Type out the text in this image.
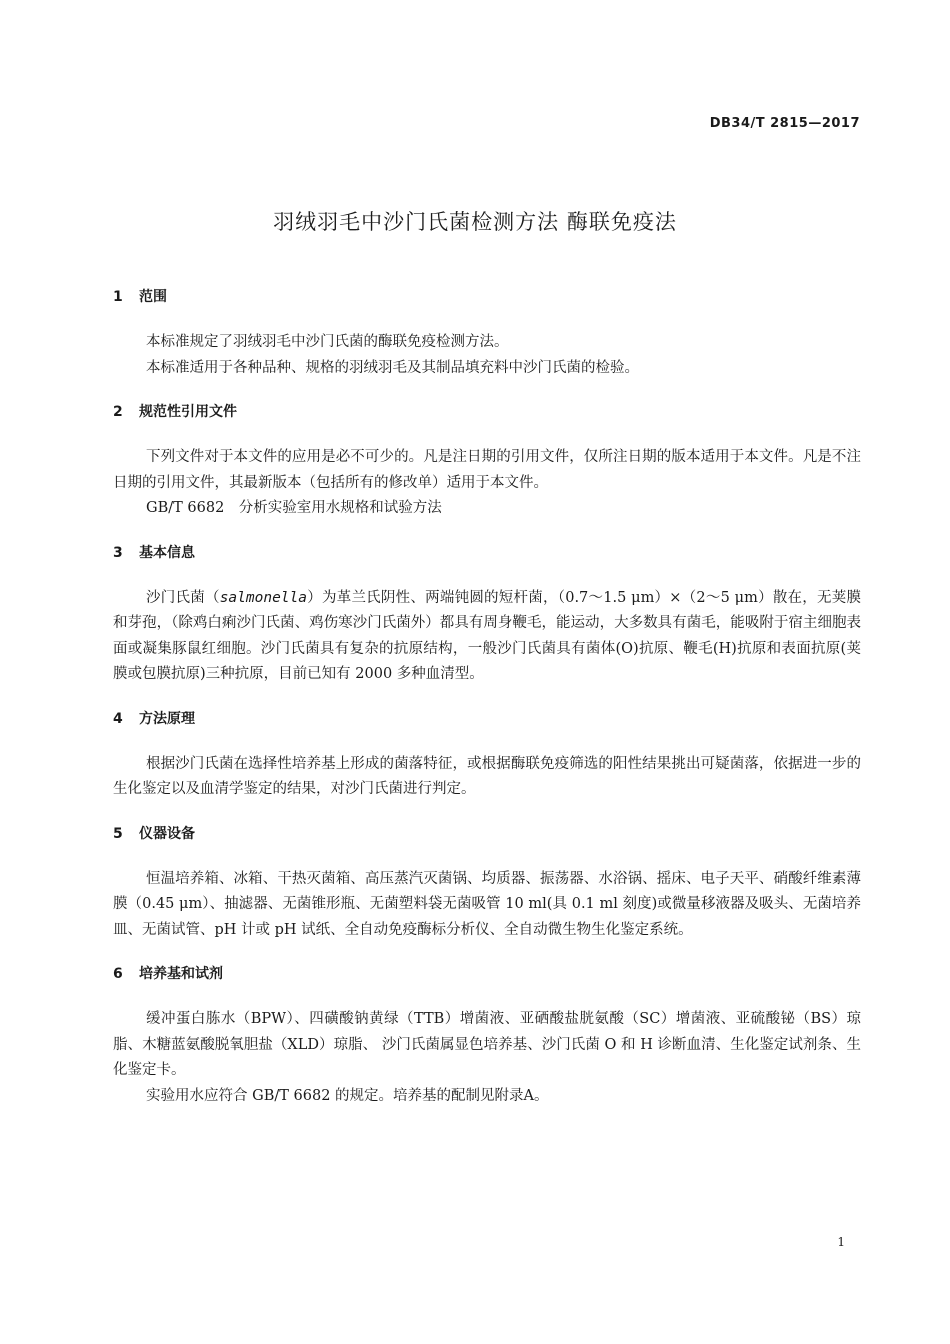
DB34/T 2815—2017
羽绒羽毛中沙门氏菌检测方法 酶联免疫法
1 范围
本标准规定了羽绒羽毛中沙门氏菌的酶联免疫检测方法。
本标准适用于各种品种、规格的羽绒羽毛及其制品填充料中沙门氏菌的检验。
2 规范性引用文件
下列文件对于本文件的应用是必不可少的。凡是注日期的引用文件，仅所注日期的版本适用于本文件。凡是不注日期的引用文件，其最新版本（包括所有的修改单）适用于本文件。
GB/T 6682　分析实验室用水规格和试验方法
3 基本信息
沙门氏菌（salmonella）为革兰氏阴性、两端钝圆的短杆菌，（0.7～1.5 μm）×（2～5 μm）散在，无荚膜和芽孢，（除鸡白痢沙门氏菌、鸡伤寒沙门氏菌外）都具有周身鞭毛，能运动，大多数具有菌毛，能吸附于宿主细胞表面或凝集豚鼠红细胞。沙门氏菌具有复杂的抗原结构，一般沙门氏菌具有菌体(O)抗原、鞭毛(H)抗原和表面抗原(荚膜或包膜抗原)三种抗原，目前已知有 2000 多种血清型。
4 方法原理
根据沙门氏菌在选择性培养基上形成的菌落特征，或根据酶联免疫筛选的阳性结果挑出可疑菌落，依据进一步的生化鉴定以及血清学鉴定的结果，对沙门氏菌进行判定。
5 仪器设备
恒温培养箱、冰箱、干热灭菌箱、高压蒸汽灭菌锅、均质器、振荡器、水浴锅、摇床、电子天平、硝酸纤维素薄膜（0.45 μm）、抽滤器、无菌锥形瓶、无菌塑料袋无菌吸管 10 ml(具 0.1 ml 刻度)或微量移液器及吸头、无菌培养皿、无菌试管、pH 计或 pH 试纸、全自动免疫酶标分析仪、全自动微生物生化鉴定系统。
6 培养基和试剂
缓冲蛋白胨水（BPW）、四磺酸钠黄绿（TTB）增菌液、亚硒酸盐胱氨酸（SC）增菌液、亚硫酸铋（BS）琼脂、木糖蓝氨酸脱氧胆盐（XLD）琼脂、 沙门氏菌属显色培养基、沙门氏菌 O 和 H 诊断血清、生化鉴定试剂条、生化鉴定卡。
实验用水应符合 GB/T 6682 的规定。培养基的配制见附录A。
1
